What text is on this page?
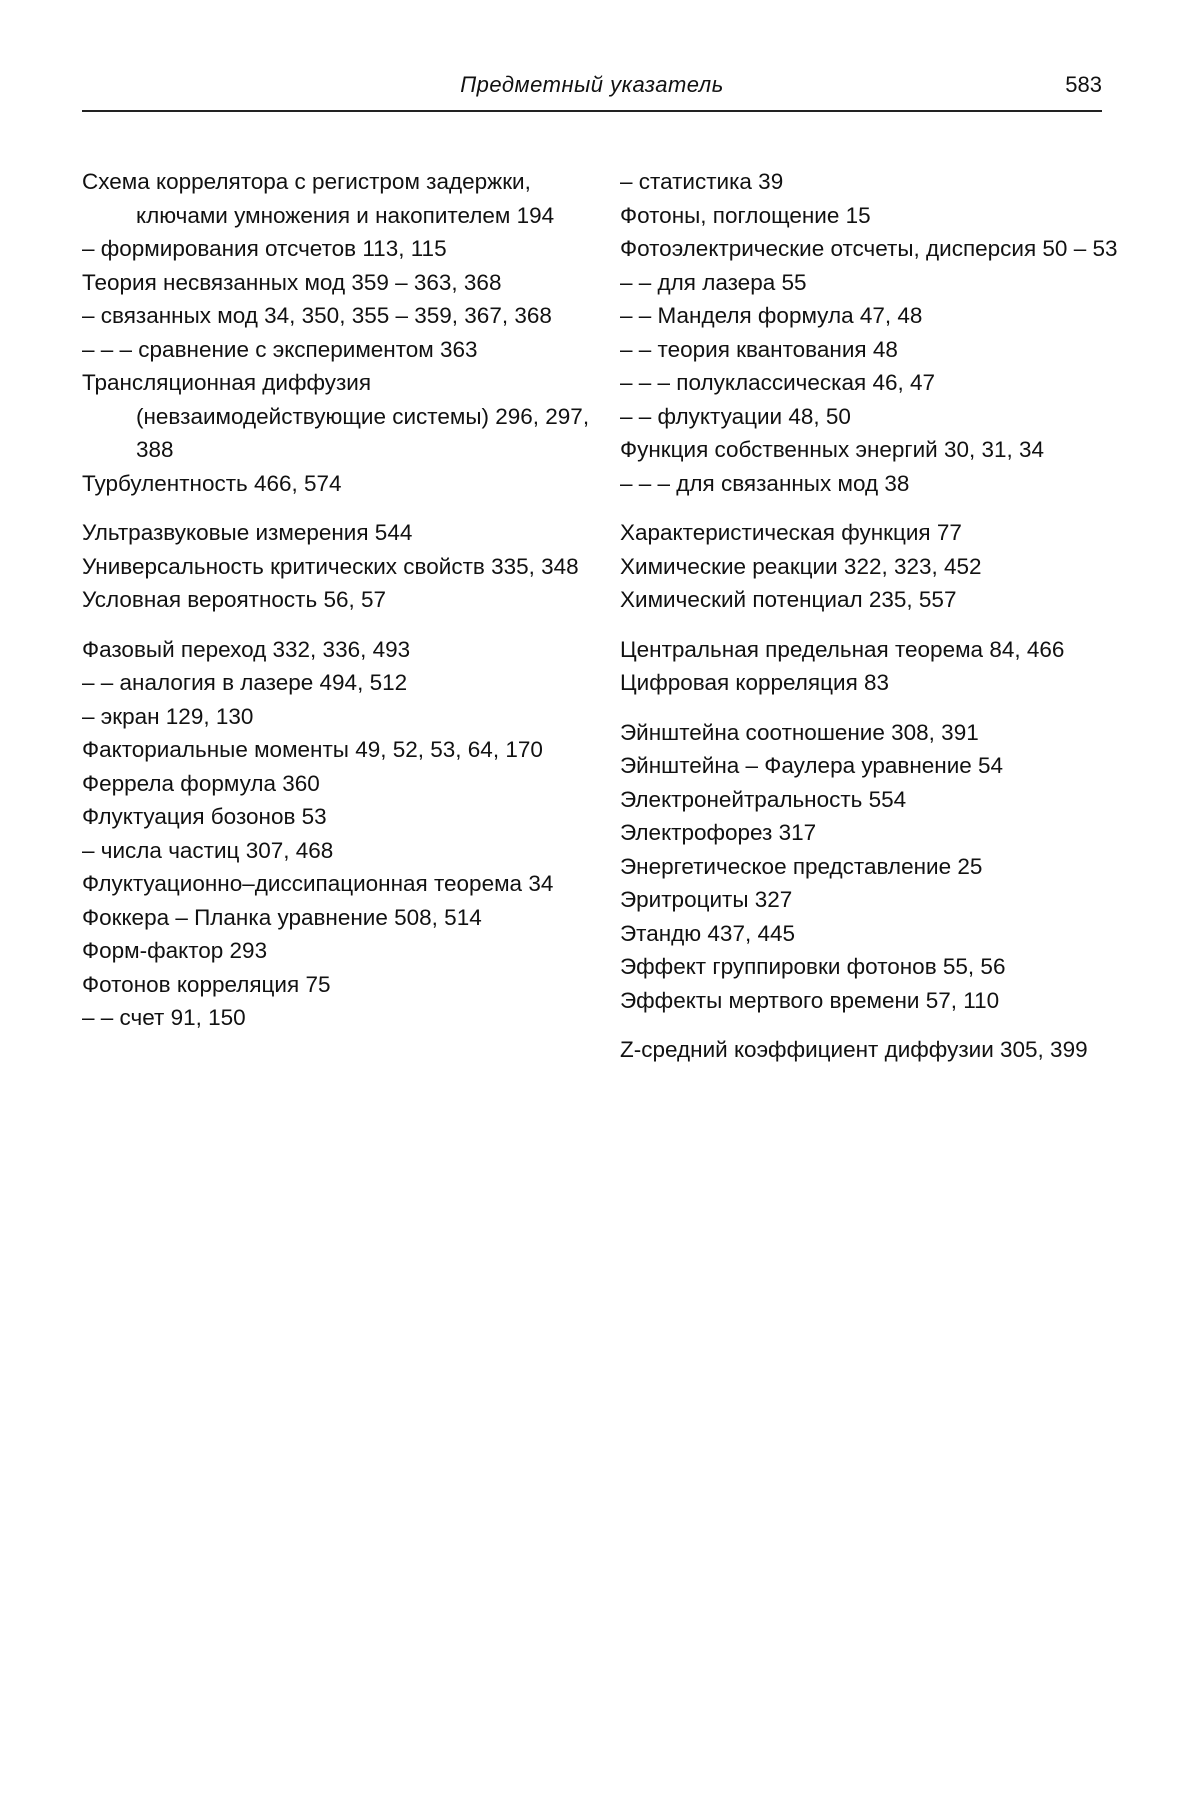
Предметный указатель	583

Схема коррелятора с регистром задержки, ключами умножения и накопителем 194

– формирования отсчетов 113, 115

Теория несвязанных мод 359 – 363, 368

– связанных мод 34, 350, 355 – 359, 367, 368

– – – сравнение с экспериментом 363

Трансляционная диффузия (невзаимодействующие системы) 296, 297, 388

Турбулентность 466, 574

Ультразвуковые измерения 544

Универсальность критических свойств 335, 348

Условная вероятность 56, 57

Фазовый переход 332, 336, 493

– – аналогия в лазере 494, 512

– экран 129, 130

Факториальные моменты 49, 52, 53, 64, 170

Феррела формула 360

Флуктуация бозонов 53

– числа частиц 307, 468

Флуктуационно–диссипационная теорема 34

Фоккера – Планка уравнение 508, 514

Форм-фактор 293

Фотонов корреляция 75

– – счет 91, 150

– статистика 39

Фотоны, поглощение 15

Фотоэлектрические отсчеты, дисперсия 50 – 53

– – для лазера 55

– – Манделя формула 47, 48

– – теория квантования 48

– – – полуклассическая 46, 47

– – флуктуации 48, 50

Функция собственных энергий 30, 31, 34

– – – для связанных мод 38

Характеристическая функция 77

Химические реакции 322, 323, 452

Химический потенциал 235, 557

Центральная предельная теорема 84, 466

Цифровая корреляция 83

Эйнштейна соотношение 308, 391

Эйнштейна – Фаулера уравнение 54

Электронейтральность 554

Электрофорез 317

Энергетическое представление 25

Эритроциты 327

Этандю 437, 445

Эффект группировки фотонов 55, 56

Эффекты мертвого времени 57, 110

Z-средний коэффициент диффузии 305, 399
